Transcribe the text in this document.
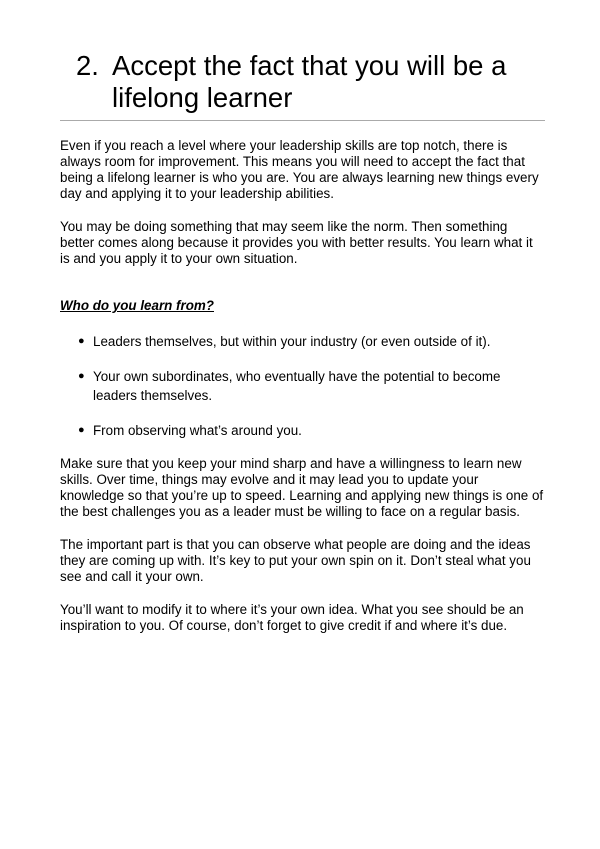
2. Accept the fact that you will be a lifelong learner

Even if you reach a level where your leadership skills are top notch, there is always room for improvement. This means you will need to accept the fact that being a lifelong learner is who you are. You are always learning new things every day and applying it to your leadership abilities.

You may be doing something that may seem like the norm. Then something better comes along because it provides you with better results. You learn what it is and you apply it to your own situation.

Who do you learn from?
● Leaders themselves, but within your industry (or even outside of it).
● Your own subordinates, who eventually have the potential to become leaders themselves.
● From observing what’s around you.

Make sure that you keep your mind sharp and have a willingness to learn new skills. Over time, things may evolve and it may lead you to update your knowledge so that you’re up to speed. Learning and applying new things is one of the best challenges you as a leader must be willing to face on a regular basis.

The important part is that you can observe what people are doing and the ideas they are coming up with. It’s key to put your own spin on it. Don’t steal what you see and call it your own.

You’ll want to modify it to where it’s your own idea. What you see should be an inspiration to you. Of course, don’t forget to give credit if and where it’s due.
